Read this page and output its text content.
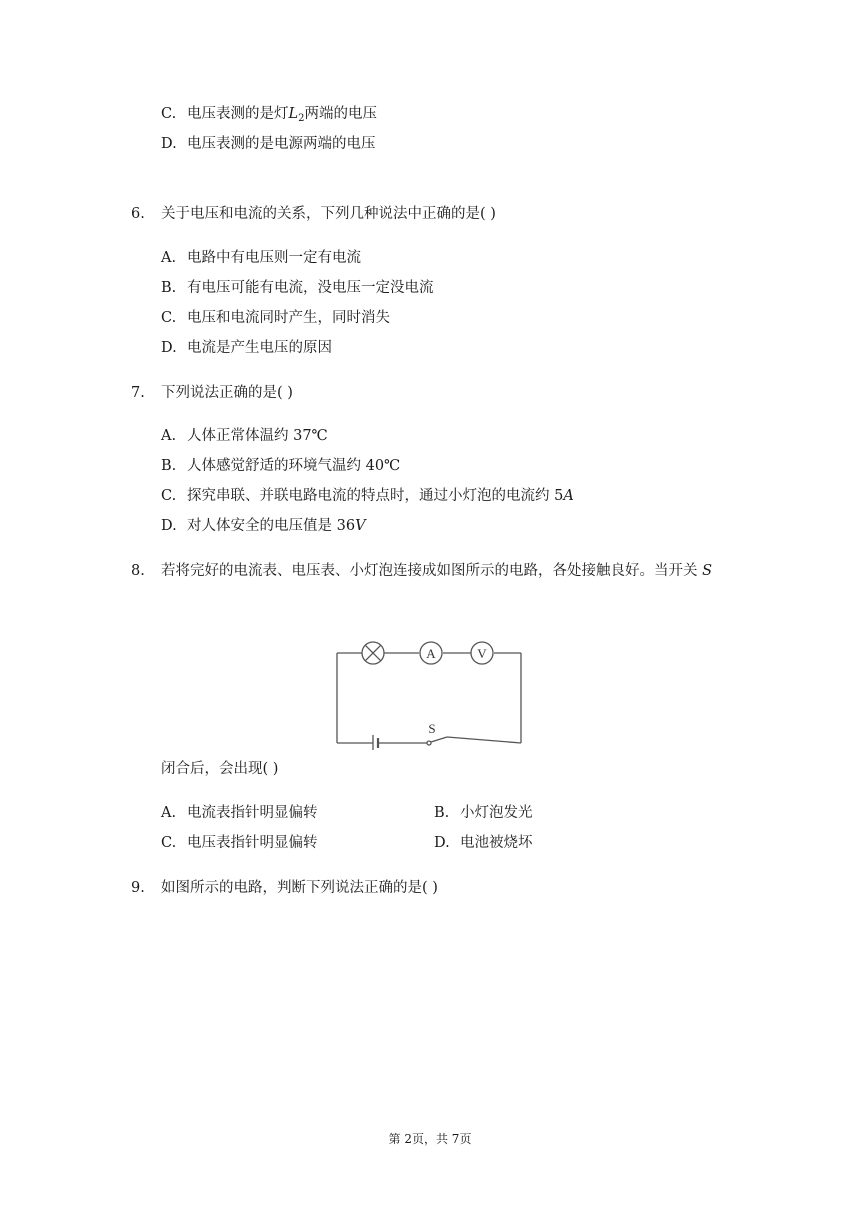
C. 电压表测的是灯$L_2$两端的电压
D. 电压表测的是电源两端的电压
6. 关于电压和电流的关系，下列几种说法中正确的是( )
A. 电路中有电压则一定有电流
B. 有电压可能有电流，没电压一定没电流
C. 电压和电流同时产生，同时消失
D. 电流是产生电压的原因
7. 下列说法正确的是( )
A. 人体正常体温约 37℃
B. 人体感觉舒适的环境气温约 40℃
C. 探究串联、并联电路电流的特点时，通过小灯泡的电流约 5A
D. 对人体安全的电压值是 36V
8. 若将完好的电流表、电压表、小灯泡连接成如图所示的电路，各处接触良好。当开关 S
A	V
S
闭合后，会出现( )
A. 电流表指针明显偏转	B. 小灯泡发光
C. 电压表指针明显偏转	D. 电池被烧坏
9. 如图所示的电路，判断下列说法正确的是( )
第 2页，共 7页
